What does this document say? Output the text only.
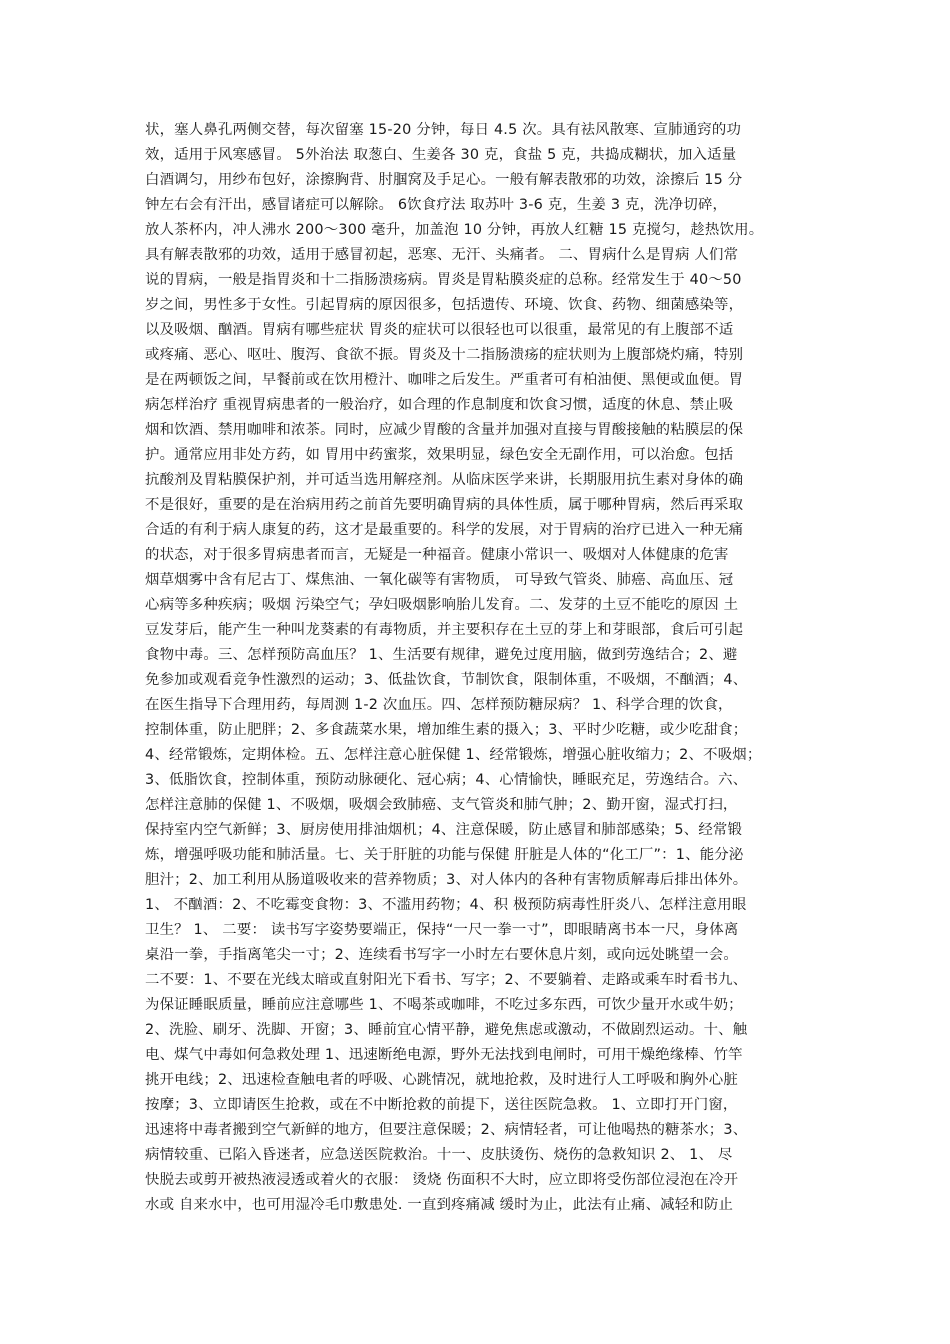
状，塞人鼻孔两侧交替，每次留塞 15-20 分钟，每日 4.5 次。具有祛风散寒、宣肺通窍的功
效，适用于风寒感冒。 5外治法 取葱白、生姜各 30 克，食盐 5 克，共捣成糊状，加入适量
白酒调匀，用纱布包好，涂擦胸背、肘腘窝及手足心。一般有解表散邪的功效，涂擦后 15 分
钟左右会有汗出，感冒诸症可以解除。 6饮食疗法 取苏叶 3-6 克，生姜 3 克，洗净切碎，
放人茶杯内，冲人沸水 200～300 毫升，加盖泡 10 分钟，再放人红糖 15 克搅匀，趁热饮用。
具有解表散邪的功效，适用于感冒初起，恶寒、无汗、头痛者。 二、胃病什么是胃病 人们常
说的胃病，一般是指胃炎和十二指肠溃疡病。胃炎是胃粘膜炎症的总称。经常发生于 40～50
岁之间，男性多于女性。引起胃病的原因很多，包括遗传、环境、饮食、药物、细菌感染等，
以及吸烟、酗酒。胃病有哪些症状 胃炎的症状可以很轻也可以很重，最常见的有上腹部不适
或疼痛、恶心、呕吐、腹泻、食欲不振。胃炎及十二指肠溃疡的症状则为上腹部烧灼痛，特别
是在两顿饭之间，早餐前或在饮用橙汁、咖啡之后发生。严重者可有柏油便、黑便或血便。胃
病怎样治疗 重视胃病患者的一般治疗，如合理的作息制度和饮食习惯，适度的休息、禁止吸
烟和饮酒、禁用咖啡和浓茶。同时，应减少胃酸的含量并加强对直接与胃酸接触的粘膜层的保
护。通常应用非处方药，如 胃用中药蜜浆，效果明显，绿色安全无副作用，可以治愈。包括
抗酸剂及胃粘膜保护剂，并可适当选用解痉剂。从临床医学来讲，长期服用抗生素对身体的确
不是很好，重要的是在治病用药之前首先要明确胃病的具体性质，属于哪种胃病，然后再采取
合适的有利于病人康复的药，这才是最重要的。科学的发展，对于胃病的治疗已进入一种无痛
的状态，对于很多胃病患者而言，无疑是一种福音。健康小常识一、吸烟对人体健康的危害
烟草烟雾中含有尼古丁、煤焦油、一氧化碳等有害物质， 可导致气管炎、肺癌、高血压、冠
心病等多种疾病；吸烟 污染空气；孕妇吸烟影响胎儿发育。二、发芽的土豆不能吃的原因 土
豆发芽后，能产生一种叫龙葵素的有毒物质，并主要积存在土豆的芽上和芽眼部，食后可引起
食物中毒。三、怎样预防高血压？ 1、生活要有规律，避免过度用脑，做到劳逸结合；2、避
免参加或观看竞争性激烈的运动；3、低盐饮食，节制饮食，限制体重，不吸烟，不酗酒；4、
在医生指导下合理用药，每周测 1-2 次血压。四、怎样预防糖尿病？ 1、科学合理的饮食，
控制体重，防止肥胖；2、多食蔬菜水果，增加维生素的摄入；3、平时少吃糖，或少吃甜食；
4、经常锻炼，定期体检。五、怎样注意心脏保健 1、经常锻炼，增强心脏收缩力；2、不吸烟；
3、低脂饮食，控制体重，预防动脉硬化、冠心病；4、心情愉快，睡眠充足，劳逸结合。六、
怎样注意肺的保健 1、不吸烟，吸烟会致肺癌、支气管炎和肺气肿；2、勤开窗，湿式打扫，
保持室内空气新鲜；3、厨房使用排油烟机；4、注意保暖，防止感冒和肺部感染；5、经常锻
炼，增强呼吸功能和肺活量。七、关于肝脏的功能与保健 肝脏是人体的“化工厂”：1、能分泌
胆汁；2、加工利用从肠道吸收来的营养物质；3、对人体内的各种有害物质解毒后排出体外。
1、 不酗酒：2、不吃霉变食物：3、不滥用药物；4、积 极预防病毒性肝炎八、怎样注意用眼
卫生？ 1、 二要： 读书写字姿势要端正，保持“一尺一拳一寸”，即眼睛离书本一尺，身体离
桌沿一拳，手指离笔尖一寸；2、连续看书写字一小时左右要休息片刻，或向远处眺望一会。
二不要：1、不要在光线太暗或直射阳光下看书、写字；2、不要躺着、走路或乘车时看书九、
为保证睡眠质量，睡前应注意哪些 1、不喝茶或咖啡，不吃过多东西，可饮少量开水或牛奶；
2、洗脸、刷牙、洗脚、开窗；3、睡前宜心情平静，避免焦虑或激动，不做剧烈运动。十、触
电、煤气中毒如何急救处理 1、迅速断绝电源，野外无法找到电闸时，可用干燥绝缘棒、竹竿
挑开电线；2、迅速检查触电者的呼吸、心跳情况，就地抢救，及时进行人工呼吸和胸外心脏
按摩；3、立即请医生抢救，或在不中断抢救的前提下，送往医院急救。 1、立即打开门窗，
迅速将中毒者搬到空气新鲜的地方，但要注意保暖；2、病情轻者，可让他喝热的糖茶水；3、
病情较重、已陷入昏迷者，应急送医院救治。十一、皮肤烫伤、烧伤的急救知识 2、 1、 尽
快脱去或剪开被热液浸透或着火的衣服： 烫烧 伤面积不大时，应立即将受伤部位浸泡在冷开
水或 自来水中，也可用湿冷毛巾敷患处. 一直到疼痛减 缓时为止，此法有止痛、减轻和防止
